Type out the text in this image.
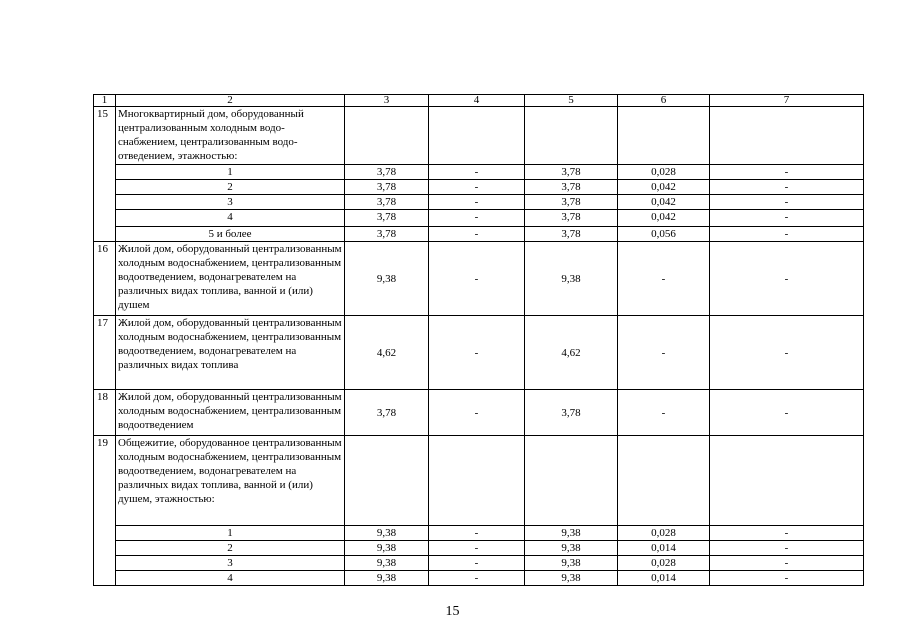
1	2	3	4	5	6	7
15	Многоквартирный дом, оборудованный централизованным холодным водо-снабжением, централизованным водо-отведением, этажностью:					

	1	3,78	-	3,78	0,028	-
	2	3,78	-	3,78	0,042	-
	3	3,78	-	3,78	0,042	-
	4	3,78	-	3,78	0,042	-
	5 и более	3,78	-	3,78	0,056	-
16	Жилой дом, оборудованный централизованным холодным водоснабжением, централизованным водоотведением, водонагревателем на различных видах топлива, ванной и (или) душем	9,38	-	9,38	-	-
17	Жилой дом, оборудованный централизованным холодным водоснабжением, централизованным водоотведением, водонагревателем на различных видах топлива	4,62	-	4,62	-	-
18	Жилой дом, оборудованный централизованным холодным водоснабжением, централизованным водоотведением	3,78	-	3,78	-	-
19	Общежитие, оборудованное централизованным холодным водоснабжением, централизованным водоотведением, водонагревателем на различных видах топлива, ванной и (или) душем, этажностью:					

	1	9,38	-	9,38	0,028	-
	2	9,38	-	9,38	0,014	-
	3	9,38	-	9,38	0,028	-
	4	9,38	-	9,38	0,014	-
15
